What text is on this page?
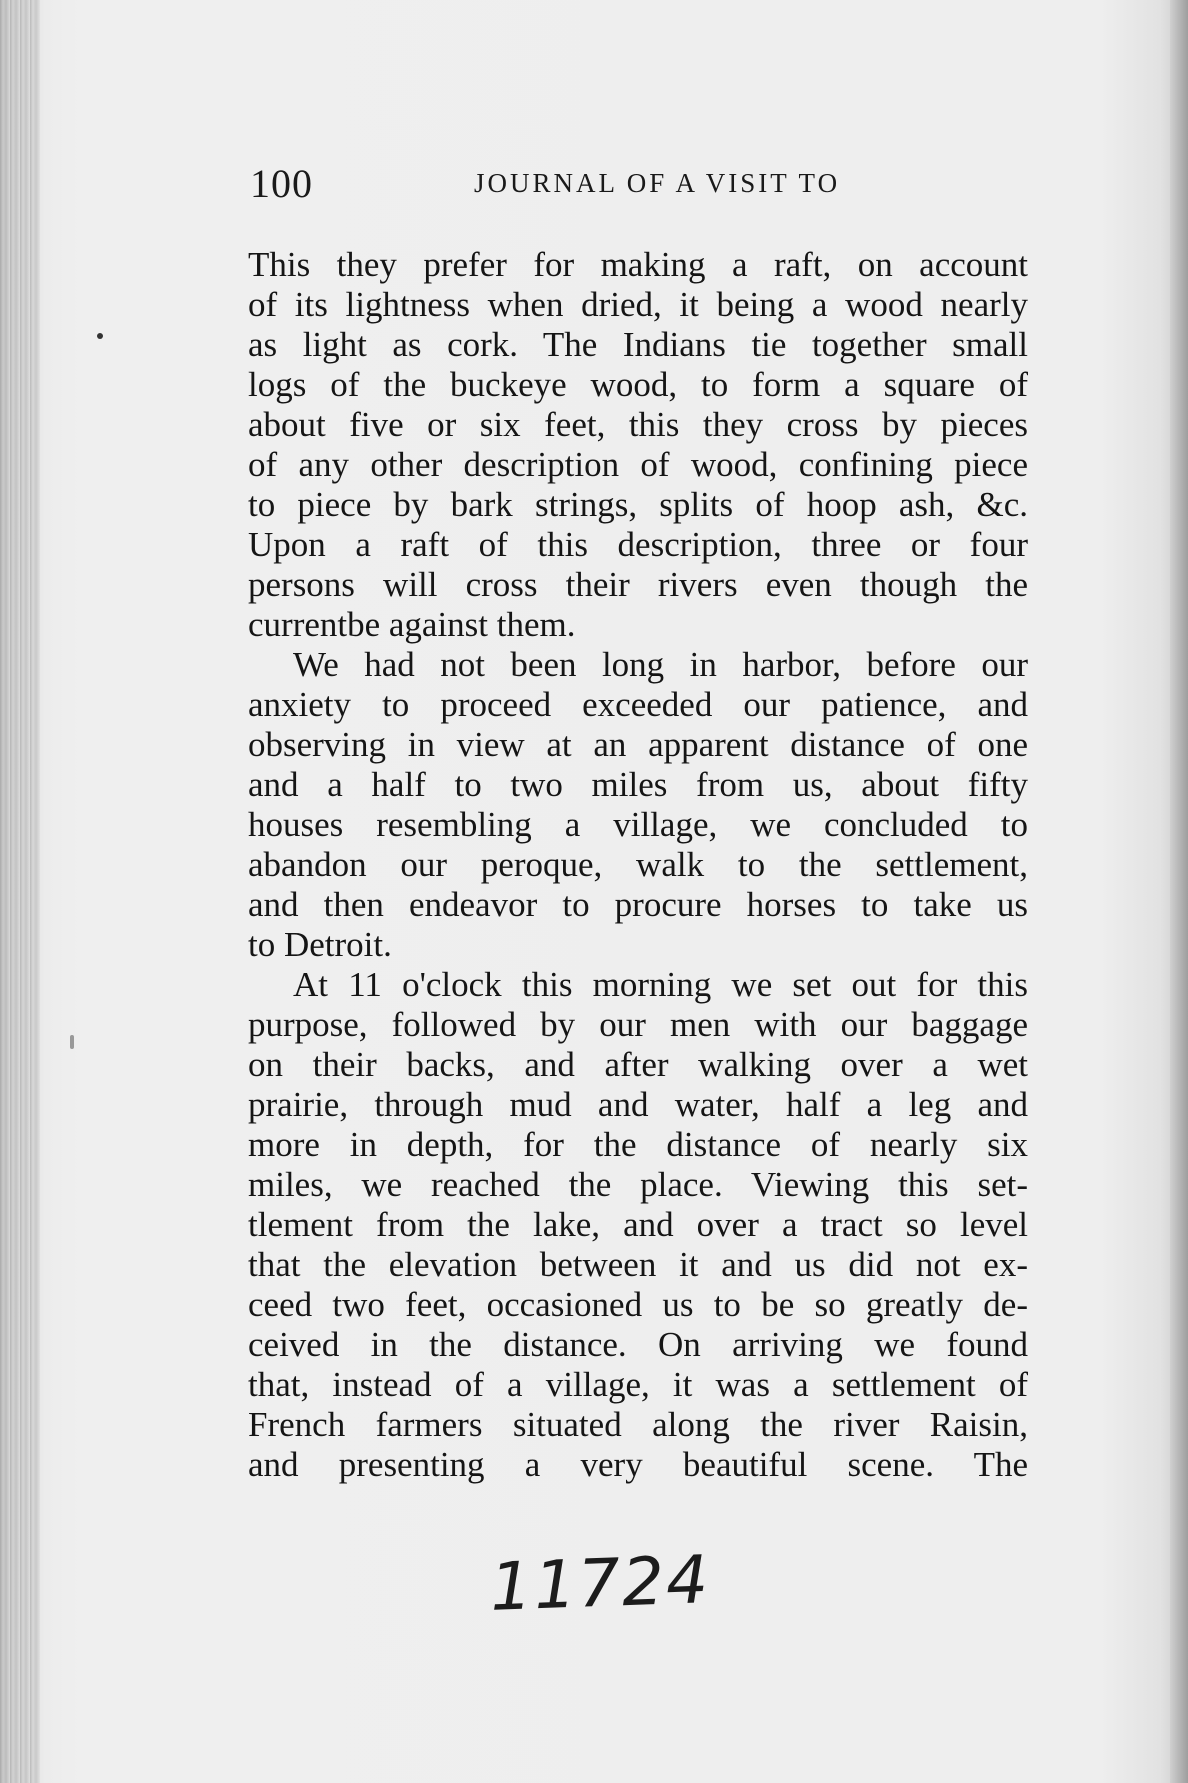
100	JOURNAL OF A VISIT TO
This they prefer for making a raft, on account
of its lightness when dried, it being a wood nearly
as light as cork. The Indians tie together small
logs of the buckeye wood, to form a square of
about five or six feet, this they cross by pieces
of any other description of wood, confining piece
to piece by bark strings, splits of hoop ash, &c.
Upon a raft of this description, three or four
persons will cross their rivers even though the
currentbe against them.
We had not been long in harbor, before our
anxiety to proceed exceeded our patience, and
observing in view at an apparent distance of one
and a half to two miles from us, about fifty
houses resembling a village, we concluded to
abandon our peroque, walk to the settlement,
and then endeavor to procure horses to take us
to Detroit.
At 11 o'clock this morning we set out for this
purpose, followed by our men with our baggage
on their backs, and after walking over a wet
prairie, through mud and water, half a leg and
more in depth, for the distance of nearly six
miles, we reached the place. Viewing this set-
tlement from the lake, and over a tract so level
that the elevation between it and us did not ex-
ceed two feet, occasioned us to be so greatly de-
ceived in the distance. On arriving we found
that, instead of a village, it was a settlement of
French farmers situated along the river Raisin,
and presenting a very beautiful scene. The
11724
